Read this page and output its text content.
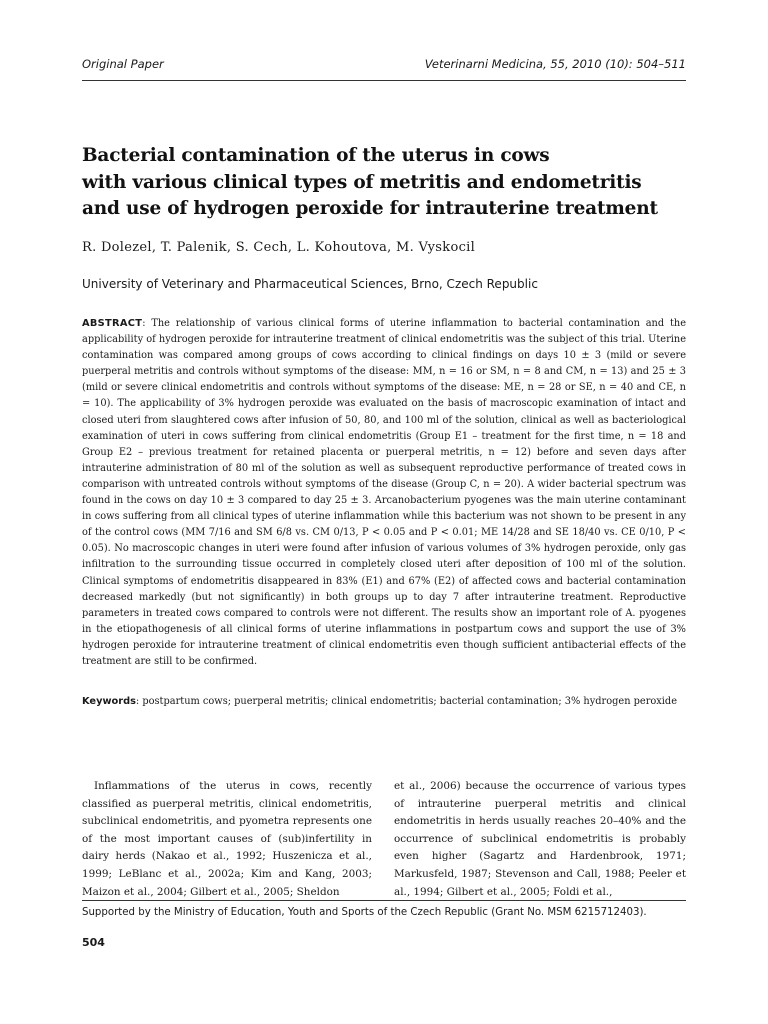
Original Paper	Veterinarni Medicina, 55, 2010 (10): 504–511
Bacterial contamination of the uterus in cows
with various clinical types of metritis and endometritis
and use of hydrogen peroxide for intrauterine treatment
R. Dolezel, T. Palenik, S. Cech, L. Kohoutova, M. Vyskocil
University of Veterinary and Pharmaceutical Sciences, Brno, Czech Republic

ABSTRACT: The relationship of various clinical forms of uterine inflammation to bacterial contamination and the applicability of hydrogen peroxide for intrauterine treatment of clinical endometritis was the subject of this trial. Uterine contamination was compared among groups of cows according to clinical findings on days 10 ± 3 (mild or severe puerperal metritis and controls without symptoms of the disease: MM, n = 16 or SM, n = 8 and CM, n = 13) and 25 ± 3 (mild or severe clinical endometritis and controls without symptoms of the disease: ME, n = 28 or SE, n = 40 and CE, n = 10). The applicability of 3% hydrogen peroxide was evaluated on the basis of macroscopic examination of intact and closed uteri from slaughtered cows after infusion of 50, 80, and 100 ml of the solution, clinical as well as bacteriological examination of uteri in cows suffering from clinical endometritis (Group E1 – treatment for the first time, n = 18 and Group E2 – previous treatment for retained placenta or puerperal metritis, n = 12) before and seven days after intrauterine administration of 80 ml of the solution as well as subsequent reproductive performance of treated cows in comparison with untreated controls without symptoms of the disease (Group C, n = 20). A wider bacterial spectrum was found in the cows on day 10 ± 3 compared to day 25 ± 3. Arcanobacterium pyogenes was the main uterine contaminant in cows suffering from all clinical types of uterine inflammation while this bacterium was not shown to be present in any of the control cows (MM 7/16 and SM 6/8 vs. CM 0/13, P < 0.05 and P < 0.01; ME 14/28 and SE 18/40 vs. CE 0/10, P < 0.05). No macroscopic changes in uteri were found after infusion of various volumes of 3% hydrogen peroxide, only gas infiltration to the surrounding tissue occurred in completely closed uteri after deposition of 100 ml of the solution. Clinical symptoms of endometritis disappeared in 83% (E1) and 67% (E2) of affected cows and bacterial contamination decreased markedly (but not significantly) in both groups up to day 7 after intrauterine treatment. Reproductive parameters in treated cows compared to controls were not different. The results show an important role of A. pyogenes in the etiopathogenesis of all clinical forms of uterine inflammations in postpartum cows and support the use of 3% hydrogen peroxide for intrauterine treatment of clinical endometritis even though sufficient antibacterial effects of the treatment are still to be confirmed.

Keywords: postpartum cows; puerperal metritis; clinical endometritis; bacterial contamination; 3% hydrogen peroxide

Inflammations of the uterus in cows, recently classified as puerperal metritis, clinical endometritis, subclinical endometritis, and pyometra represents one of the most important causes of (sub)infertility in dairy herds (Nakao et al., 1992; Huszenicza et al., 1999; LeBlanc et al., 2002a; Kim and Kang, 2003; Maizon et al., 2004; Gilbert et al., 2005; Sheldon

et al., 2006) because the occurrence of various types of intrauterine puerperal metritis and clinical endometritis in herds usually reaches 20–40% and the occurrence of subclinical endometritis is probably even higher (Sagartz and Hardenbrook, 1971; Markusfeld, 1987; Stevenson and Call, 1988; Peeler et al., 1994; Gilbert et al., 2005; Foldi et al.,

Supported by the Ministry of Education, Youth and Sports of the Czech Republic (Grant No. MSM 6215712403).
504
